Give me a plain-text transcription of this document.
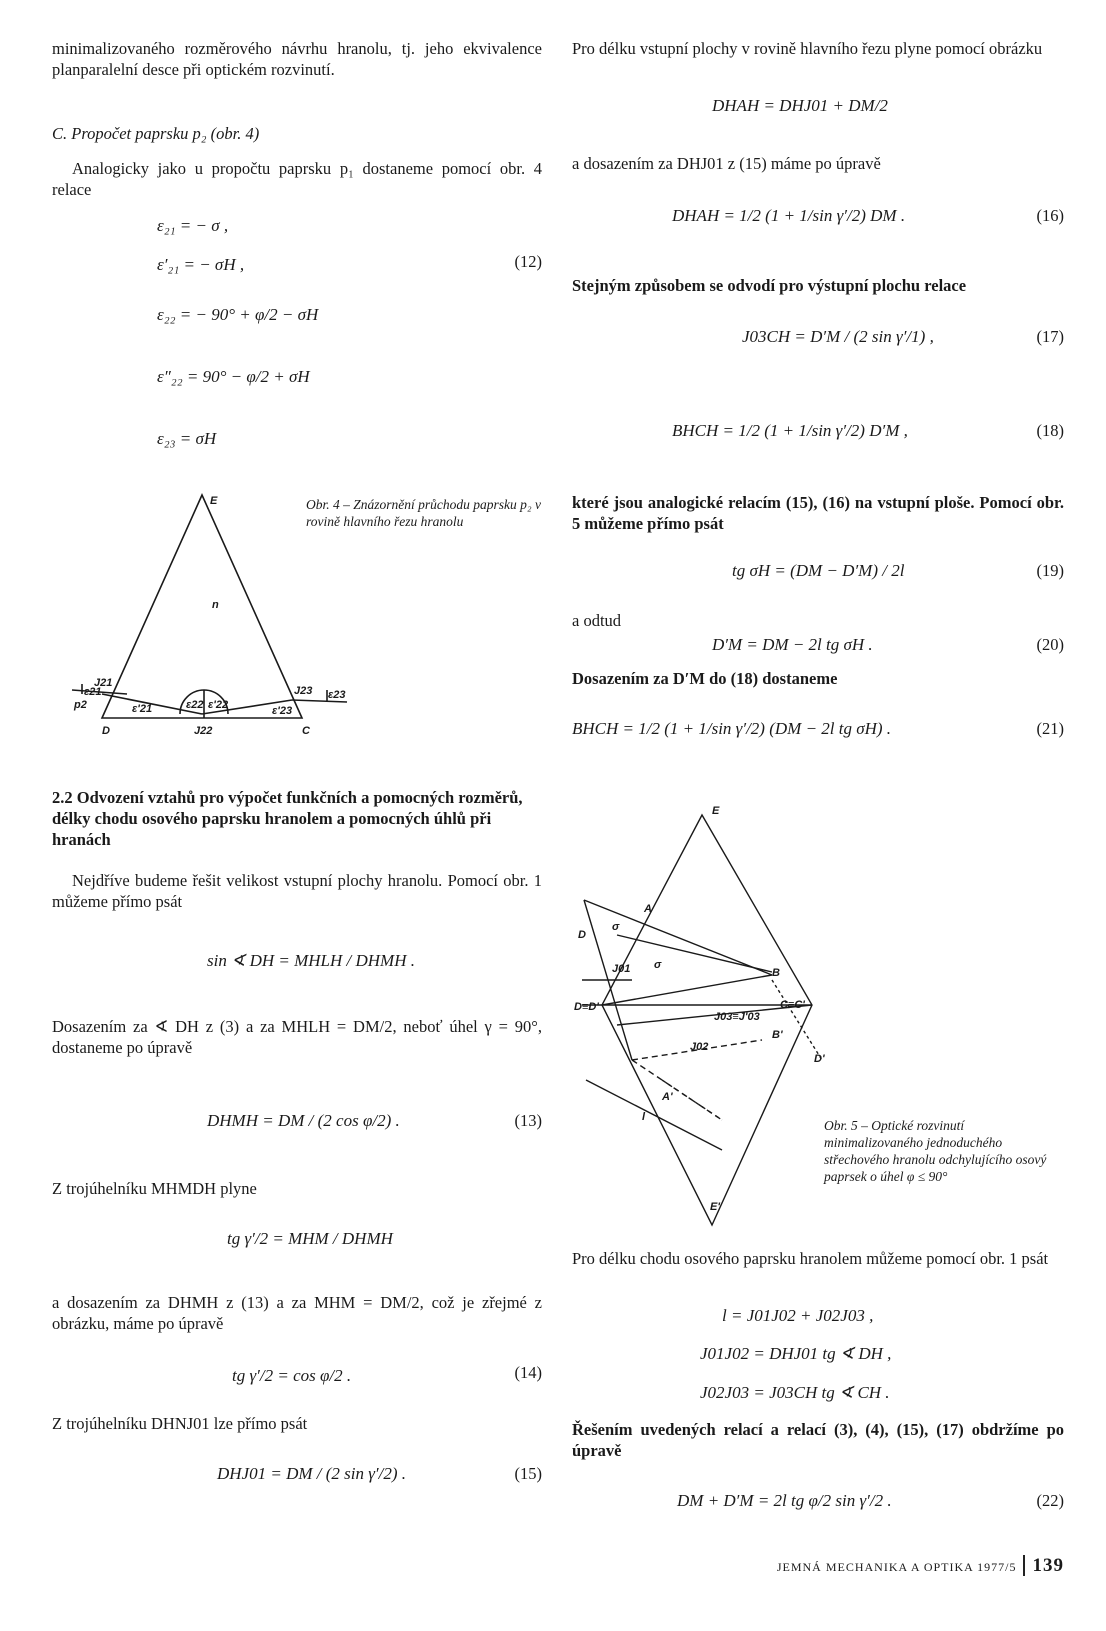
minimalizovaného rozměrového návrhu hranolu, tj. jeho ekvivalence planparalelní desce při optickém rozvinutí.

C. Propočet paprsku p₂ (obr. 4)

Analogicky jako u propočtu paprsku p₁ dostaneme pomocí obr. 4 relace

ε₂₁ = − σ ,
ε′₂₁ = − σH ,	(12)
ε₂₂ = − 90° + φ/2 − σH
ε″₂₂ = 90° − φ/2 + σH
ε₂₃ = σH
E
n
J21
ε21
p2	ε'21	ε22 ε'22
J22
J23 ε23
ε'23
D	C

Obr. 4 – Znázornění průchodu paprsku p₂ v rovině hlavního řezu hranolu

2.2 Odvození vztahů pro výpočet funkčních a pomocných rozměrů, délky chodu osového paprsku hranolem a pomocných úhlů při hranách

Nejdříve budeme řešit velikost vstupní plochy hranolu. Pomocí obr. 1 můžeme přímo psát

sin ∢ DH = MHLH / DHMH .

Dosazením za ∢ DH z (3) a za MHLH = DM/2, neboť úhel γ = 90°, dostaneme po úpravě

DHMH = DM / (2 cos φ/2) .	(13)

Z trojúhelníku MHMDH plyne

tg γ′/2 = MHM / DHMH

a dosazením za DHMH z (13) a za MHM = DM/2, což je zřejmé z obrázku, máme po úpravě

tg γ′/2 = cos φ/2 .	(14)

Z trojúhelníku DHNJ01 lze přímo psát

DHJ01 = DM / (2 sin γ′/2) .	(15)

Pro délku vstupní plochy v rovině hlavního řezu plyne pomocí obrázku

DHAH = DHJ01 + DM/2

a dosazením za DHJ01 z (15) máme po úpravě

DHAH = 1/2 (1 + 1/sin γ′/2) DM .	(16)

Stejným způsobem se odvodí pro výstupní plochu relace

J03CH = D′M / (2 sin γ′/1) ,	(17)
BHCH = 1/2 (1 + 1/sin γ′/2) D′M ,	(18)

které jsou analogické relacím (15), (16) na vstupní ploše. Pomocí obr. 5 můžeme přímo psát

tg σH = (DM − D′M) / 2l	(19)

a odtud

D′M = DM − 2l tg σH .	(20)

Dosazením za D′M do (18) dostaneme

BHCH = 1/2 (1 + 1/sin γ′/2) (DM − 2l tg σH) .	(21)
E
A
D
σ
σ
J01
D≡D'
B
J03≡J'03
C≡C'
B'
D'
A'
l
E'
J02

Obr. 5 – Optické rozvinutí minimalizovaného jednoduchého střechového hranolu odchylujícího osový paprsek o úhel φ ≤ 90°

Pro délku chodu osového paprsku hranolem můžeme pomocí obr. 1 psát

l = J01J02 + J02J03 ,
J01J02 = DHJ01 tg ∢ DH ,
J02J03 = J03CH tg ∢ CH .

Řešením uvedených relací a relací (3), (4), (15), (17) obdržíme po úpravě

DM + D′M = 2l tg φ/2 sin γ′/2 .	(22)
JEMNÁ MECHANIKA A OPTIKA 1977/5 139
